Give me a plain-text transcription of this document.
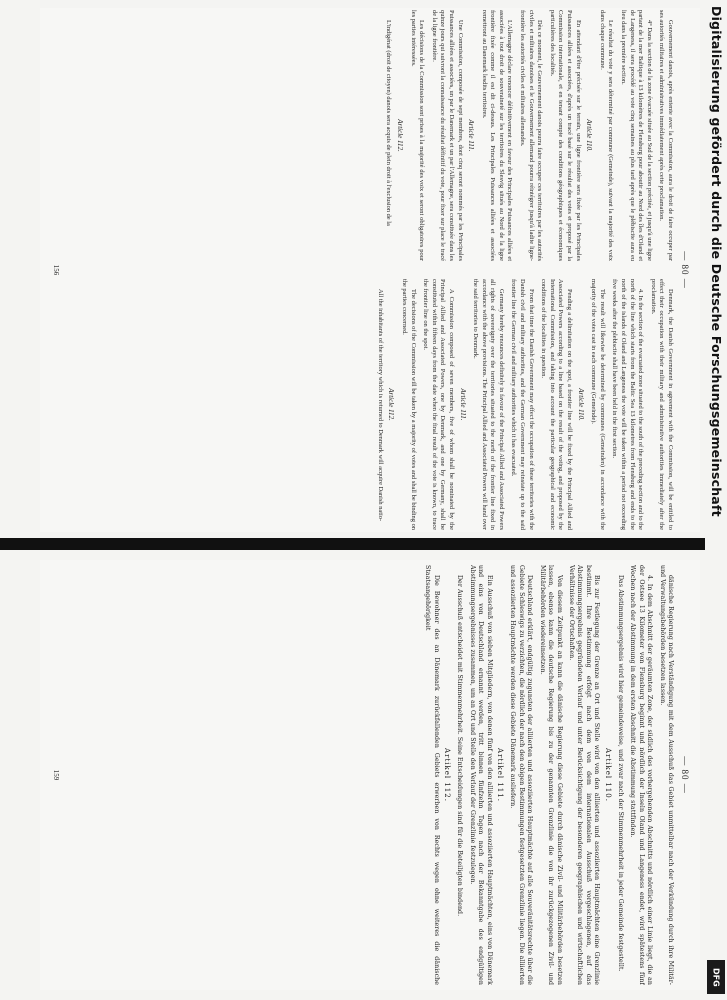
— 80 —

Gouvernement danois, après entente avec la Commission, aura le droit de faire occuper par ses autorités militaires et administratives immédiatement après cette proclamation.

4° Dans la section de la zone évacuée située au Sud de la section précitée, et jusqu'à une ligne partant de la mer Baltique à 13 kilomètres de Flensburg pour aboutir au Nord des îles d'Oland et de Langeness, il sera procédé au vote cinq semaines au plus tard après que le plébiscite aura eu lieu dans la première section.

Le résultat du vote y sera déterminé par commune (Gemeinde), suivant la majorité des voix dans chaque commune.

Article 110.

En attendant d'être précisée sur le terrain, une ligne frontière sera fixée par les Principales Puissances alliées et associées, d'après un tracé basé sur le résultat des votes et proposé par la Commission internationale, et en tenant compte des conditions géographiques et économiques particulières des localités.

Dès ce moment, le Gouvernement danois pourra faire occuper ces territoires par les autorités civiles et militaires danoises et le Gouvernement allemand pourra réintégrer jusqu'à ladite ligne-frontière les autorités civiles et militaires allemandes.

L'Allemagne déclare renoncer définitivement en faveur des Principales Puissances alliées et associées à tout droit de souveraineté sur les territoires du Slesvig situés au Nord de la ligne frontière fixée comme il est dit ci-dessus. Les Principales Puissances alliées et associées remettront au Danemark lesdits territoires.

Article 111.

Une Commission, composée de sept membres, dont cinq seront nommés par les Principales Puissances alliées et associées, un par le Danemark et un par l'Allemagne, sera constituée dans les quinze jours qui suivront la connaissance du résultat définitif du vote, pour fixer sur place le tracé de la ligne frontière.

Les décisions de la Commission sont prises à la majorité des voix et seront obligatoires pour les parties intéressées.

Article 112.

L'indigénat (droit de citoyen) danois sera acquis de plein droit à l'exclusion de la

Denmark, the Danish Government in agreement with the Commission, will be entitled to effect their occupation with their military and administrative authorities immediately after the proclamation.

4. In the section of the evacuated zone situated to the south of the preceding section and to the north of the line which starts from the Baltic Sea 13 kilometres from Flensburg and ends to the north of the islands of Oland and Langeness the vote will be taken within a period not exceeding five weeks after the plebiscite shall have been held in the first section.

The result will likewise be determined by communes (Gemeinden) in accordance with the majority of the votes cast in each commune (Gemeinde).

Article 110.

Pending a delimitation on the spot, a frontier line will be fixed by the Principal Allied and Associated Powers according to a line based on the result of the voting, and proposed by the International Commission, and taking into account the particular geographical and economic conditions of the localities in question.

From that time the Danish Government may effect the occupation of these territories with the Danish civil and military authorities, and the German Government may reinstate up to the said frontier line the German civil and military authorities which it has evacuated.

Germany hereby renounces definitely in favour of the Principal Allied and Associated Powers all rights of sovereignty over the territories situated to the north of the frontier line fixed in accordance with the above provisions. The Principal Allied and Associated Powers will hand over the said territories to Denmark.

Article 111.

A Commission composed of seven members, five of whom shall be nominated by the Principal Allied and Associated Powers, one by Denmark, and one by Germany, shall be constituted within fifteen days from the date when the final result of the vote is known, to trace the frontier line on the spot.

The decisions of the Commission will be taken by a majority of votes and shall be binding on the parties concerned.

Article 112.

All the inhabitants of the territory which is returned to Denmark will acquire Danish natio-

156
— 80 —

dänische Regierung nach Verständigung mit dem Ausschuß das Gebiet unmittelbar nach der Verkündung durch ihre Militär- und Verwaltungsbehörden besetzen lassen.

4. In dem Abschnitt der geräumten Zone, der südlich des vorhergehenden Abschnitts und nördlich einer Linie liegt, die an der Ostsee 13 Kilometer von Flensburg beginnt und nördlich der Inseln Oland und Langeness endet, wird spätestens fünf Wochen nach der Abstimmung in dem ersten Abschnitt die Abstimmung stattfinden.

Das Abstimmungsergebnis wird hier gemeindeweise, und zwar nach der Stimmenmehrheit in jeder Gemeinde festgestellt.

Artikel 110.

Bis zur Festlegung der Grenze an Ort und Stelle wird von den alliierten und assoziierten Hauptmächten eine Grenzlinie bestimmt. Ihre Bestimmung erfolgt nach dem von dem internationalen Ausschuß vorgeschlagenen, auf das Abstimmungsergebnis gegründeten Verlauf und unter Berücksichtigung der besonderen geographischen und wirtschaftlichen Verhältnisse der Ortschaften.

Von diesem Zeitpunkt an kann die dänische Regierung diese Gebiete durch dänische Zivil- und Militärbehörden besetzen lassen, ebenso kann die deutsche Regierung bis zu der genannten Grenzlinie die von ihr zurückgezogenen Zivil- und Militärbehörden wiedereinsetzen.

Deutschland erklärt, endgültig zugunsten der alliierten und assoziierten Hauptmächte auf alle Souveränitätsrechte über die Gebiete Schleswigs zu verzichten, die nördlich der nach den obigen Bestimmungen festgesetzten Grenzlinie liegen. Die alliierten und assoziierten Hauptmächte werden diese Gebiete Dänemark ausliefern.

Artikel 111.

Ein Ausschuß von sieben Mitgliedern, von denen fünf von den alliierten und assoziierten Hauptmächten, eins von Dänemark und eins von Deutschland ernannt werden, tritt binnen fünfzehn Tagen nach der Bekanntgabe des endgültigen Abstimmungsergebnisses zusammen, um an Ort und Stelle den Verlauf der Grenzlinie festzulegen.

Der Ausschuß entscheidet mit Stimmenmehrheit. Seine Entscheidungen sind für die Beteiligten bindend.

Artikel 112.

Die Bewohner des an Dänemark zurückfallenden Gebiets erwerben von Rechts wegen ohne weiteres die dänische Staatsangehörigkeit

159
Digitalisierung gefördert durch die Deutsche Forschungsgemeinschaft
DFG
